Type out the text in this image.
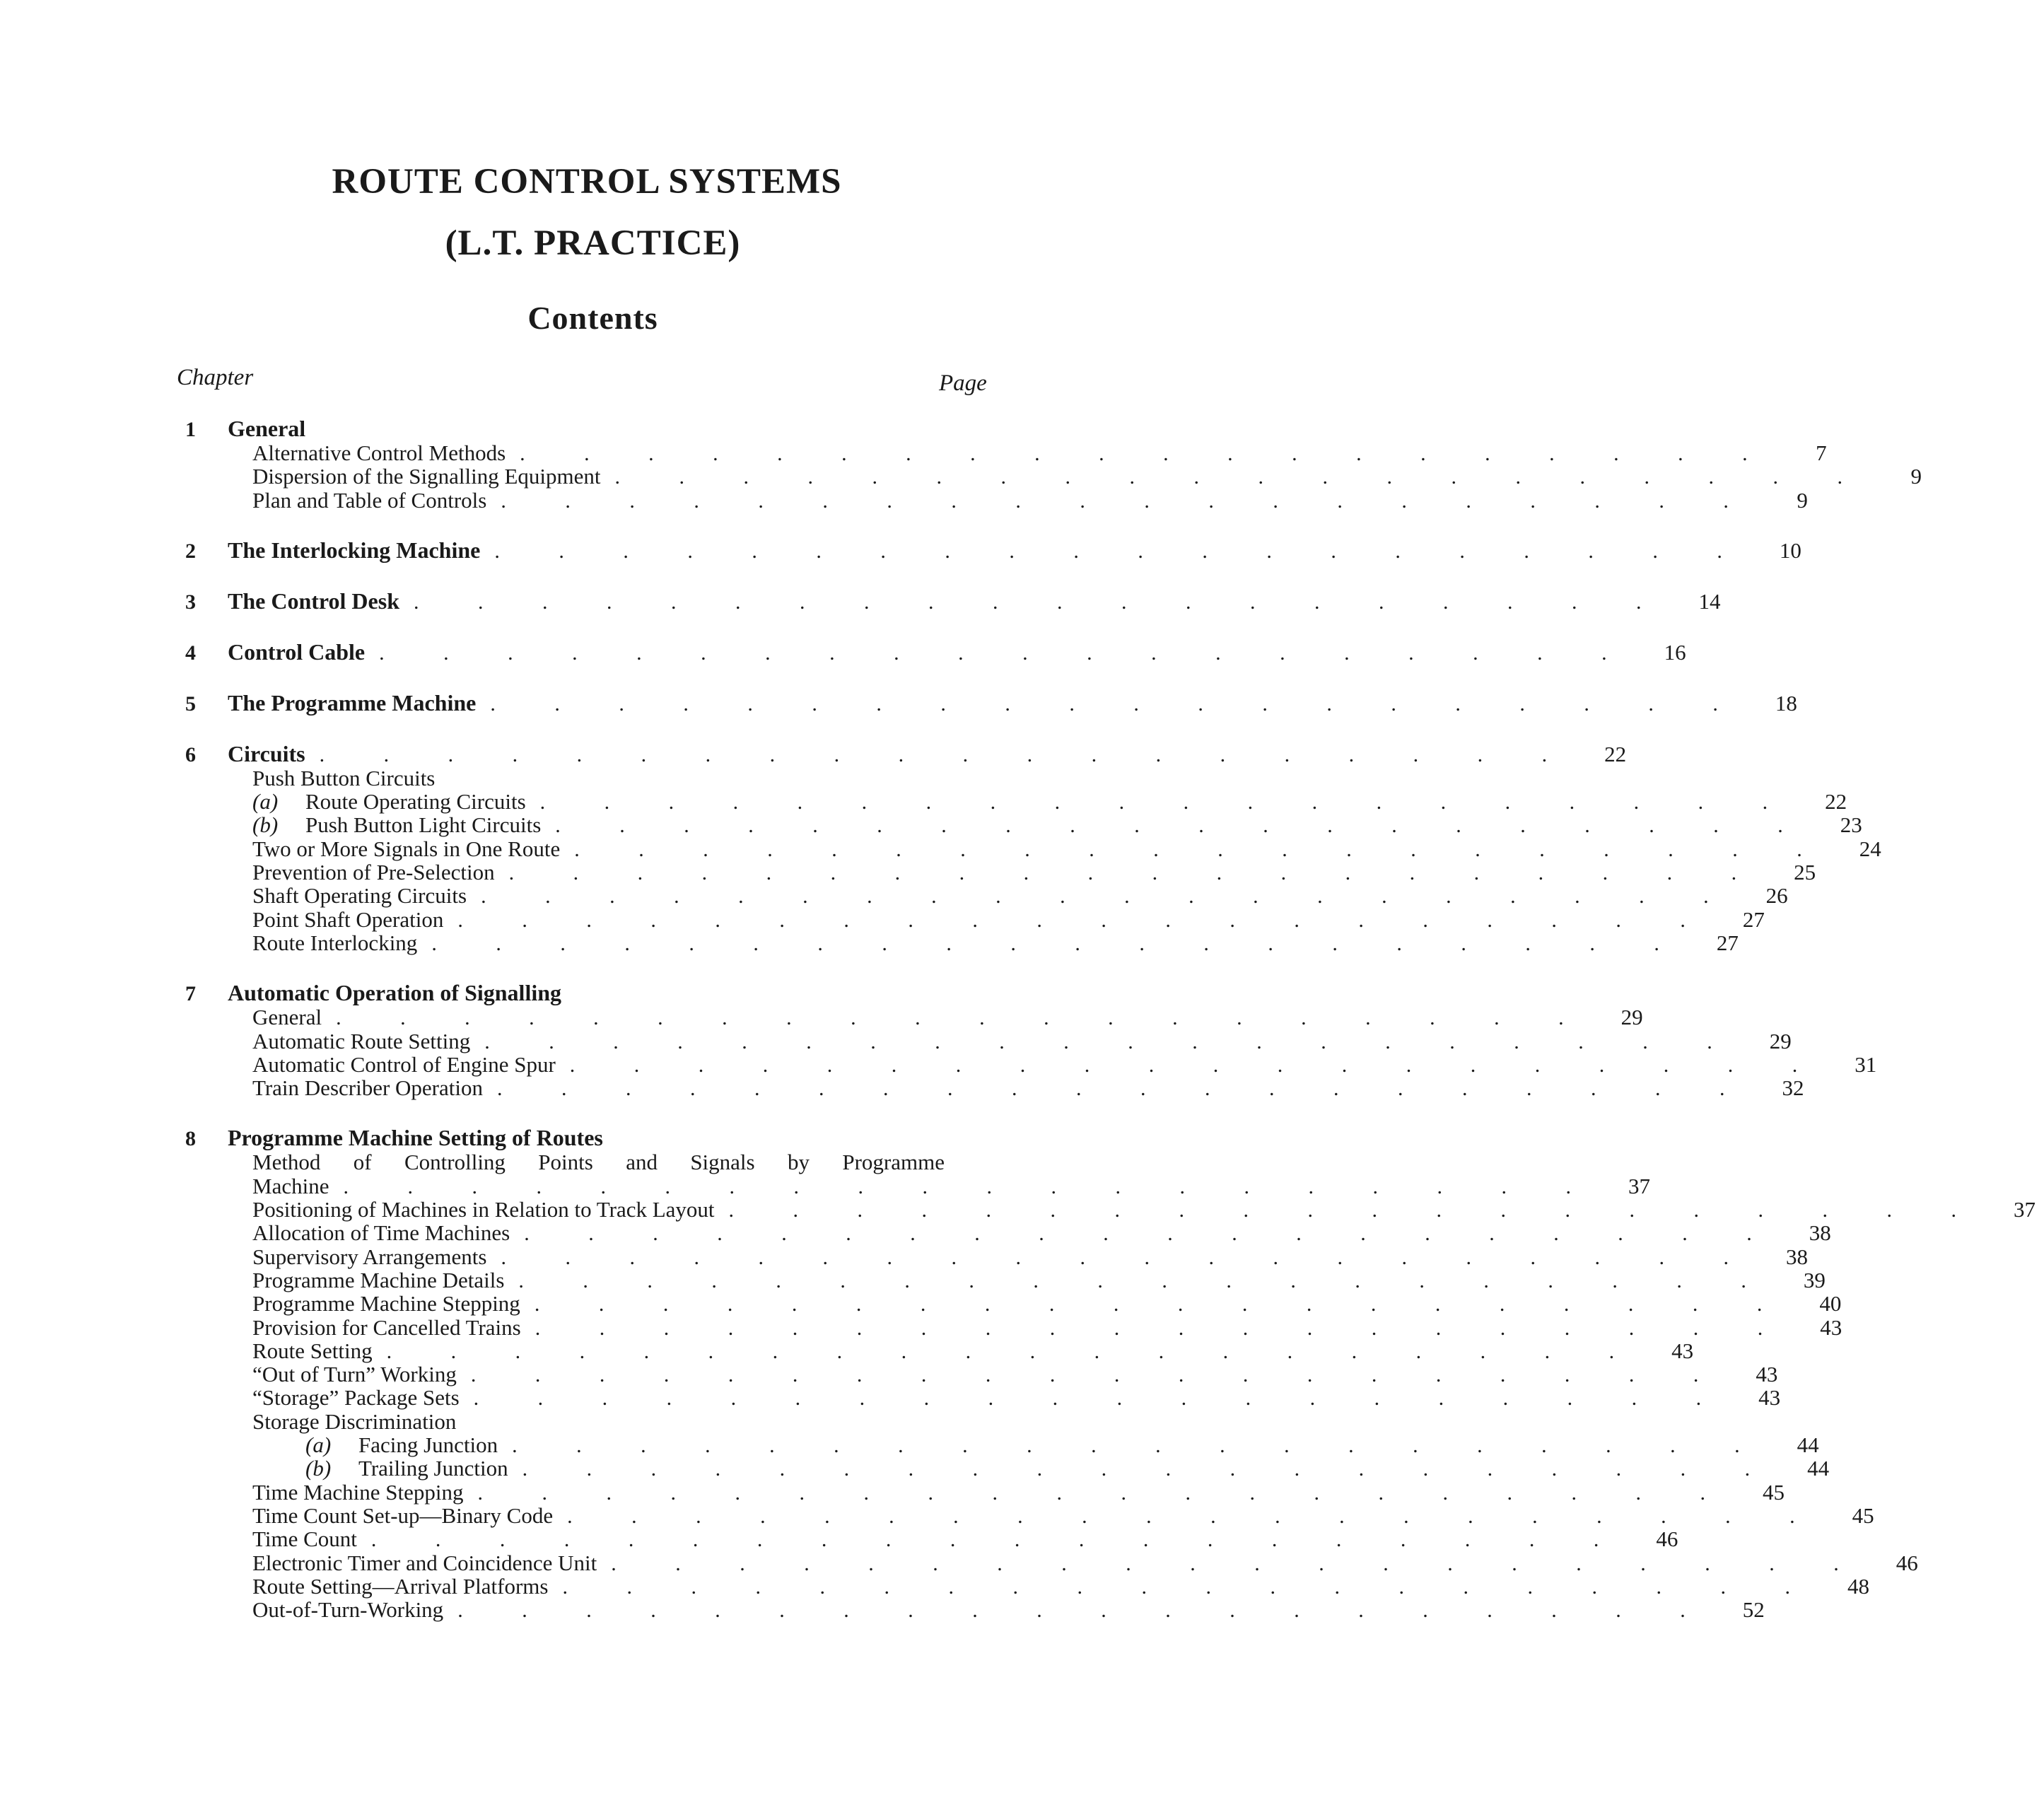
ROUTE CONTROL SYSTEMS
(L.T. PRACTICE)
Contents
Chapter	Page
1	General
Alternative Control Methods . . . . . . . . . . . . . . . . . . . .	7
Dispersion of the Signalling Equipment . . . . . . . . . . . . . . . . . . . .	9
Plan and Table of Controls . . . . . . . . . . . . . . . . . . . .	9
2	The Interlocking Machine . . . . . . . . . . . . . . . . . . . .	10
3	The Control Desk . . . . . . . . . . . . . . . . . . . .	14
4	Control Cable . . . . . . . . . . . . . . . . . . . .	16
5	The Programme Machine . . . . . . . . . . . . . . . . . . . .	18
6	Circuits . . . . . . . . . . . . . . . . . . . .	22
Push Button Circuits
(a) Route Operating Circuits . . . . . . . . . . . . . . . . . . . .	22
(b) Push Button Light Circuits . . . . . . . . . . . . . . . . . . . .	23
Two or More Signals in One Route . . . . . . . . . . . . . . . . . . . .	24
Prevention of Pre-Selection . . . . . . . . . . . . . . . . . . . .	25
Shaft Operating Circuits . . . . . . . . . . . . . . . . . . . .	26
Point Shaft Operation . . . . . . . . . . . . . . . . . . . .	27
Route Interlocking . . . . . . . . . . . . . . . . . . . .	27
7	Automatic Operation of Signalling
General . . . . . . . . . . . . . . . . . . . .	29
Automatic Route Setting . . . . . . . . . . . . . . . . . . . .	29
Automatic Control of Engine Spur . . . . . . . . . . . . . . . . . . . .	31
Train Describer Operation . . . . . . . . . . . . . . . . . . . .	32
8	Programme Machine Setting of Routes
Method of Controlling Points and Signals by Programme
Machine . . . . . . . . . . . . . . . . . . . .	37
Positioning of Machines in Relation to Track Layout . . . . . . . . . . . . . . . . . . . .	37
Allocation of Time Machines . . . . . . . . . . . . . . . . . . . .	38
Supervisory Arrangements . . . . . . . . . . . . . . . . . . . .	38
Programme Machine Details . . . . . . . . . . . . . . . . . . . .	39
Programme Machine Stepping . . . . . . . . . . . . . . . . . . . .	40
Provision for Cancelled Trains . . . . . . . . . . . . . . . . . . . .	43
Route Setting . . . . . . . . . . . . . . . . . . . .	43
“Out of Turn” Working . . . . . . . . . . . . . . . . . . . .	43
“Storage” Package Sets . . . . . . . . . . . . . . . . . . . .	43
Storage Discrimination
(a) Facing Junction . . . . . . . . . . . . . . . . . . . .	44
(b) Trailing Junction . . . . . . . . . . . . . . . . . . . .	44
Time Machine Stepping . . . . . . . . . . . . . . . . . . . .	45
Time Count Set-up—Binary Code . . . . . . . . . . . . . . . . . . . .	45
Time Count . . . . . . . . . . . . . . . . . . . .	46
Electronic Timer and Coincidence Unit . . . . . . . . . . . . . . . . . . . .	46
Route Setting—Arrival Platforms . . . . . . . . . . . . . . . . . . . .	48
Out-of-Turn-Working . . . . . . . . . . . . . . . . . . . .	52
